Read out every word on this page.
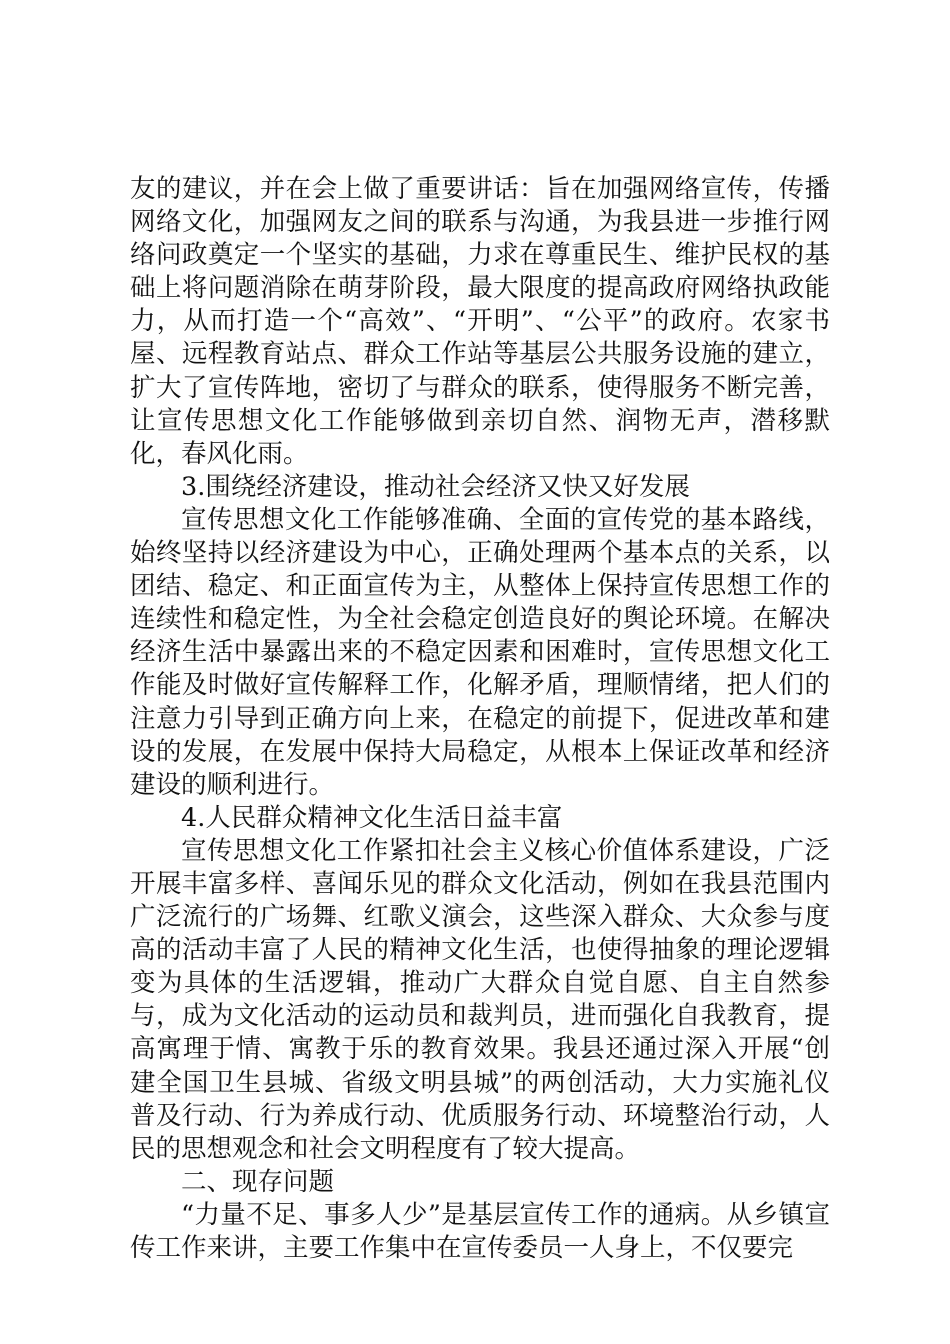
友的建议，并在会上做了重要讲话：旨在加强网络宣传，传播网络文化，加强网友之间的联系与沟通，为我县进一步推行网络问政奠定一个坚实的基础，力求在尊重民生、维护民权的基础上将问题消除在萌芽阶段，最大限度的提高政府网络执政能力，从而打造一个“高效”、“开明”、“公平”的政府。农家书屋、远程教育站点、群众工作站等基层公共服务设施的建立，扩大了宣传阵地，密切了与群众的联系，使得服务不断完善，让宣传思想文化工作能够做到亲切自然、润物无声，潜移默化，春风化雨。

3.围绕经济建设，推动社会经济又快又好发展

宣传思想文化工作能够准确、全面的宣传党的基本路线，始终坚持以经济建设为中心，正确处理两个基本点的关系，以团结、稳定、和正面宣传为主，从整体上保持宣传思想工作的连续性和稳定性，为全社会稳定创造良好的舆论环境。在解决经济生活中暴露出来的不稳定因素和困难时，宣传思想文化工作能及时做好宣传解释工作，化解矛盾，理顺情绪，把人们的注意力引导到正确方向上来，在稳定的前提下，促进改革和建设的发展，在发展中保持大局稳定，从根本上保证改革和经济建设的顺利进行。

4.人民群众精神文化生活日益丰富

宣传思想文化工作紧扣社会主义核心价值体系建设，广泛开展丰富多样、喜闻乐见的群众文化活动，例如在我县范围内广泛流行的广场舞、红歌义演会，这些深入群众、大众参与度高的活动丰富了人民的精神文化生活，也使得抽象的理论逻辑变为具体的生活逻辑，推动广大群众自觉自愿、自主自然参与，成为文化活动的运动员和裁判员，进而强化自我教育，提高寓理于情、寓教于乐的教育效果。我县还通过深入开展“创建全国卫生县城、省级文明县城”的两创活动，大力实施礼仪普及行动、行为养成行动、优质服务行动、环境整治行动，人民的思想观念和社会文明程度有了较大提高。

二、现存问题

“力量不足、事多人少”是基层宣传工作的通病。从乡镇宣传工作来讲，主要工作集中在宣传委员一人身上，不仅要完
